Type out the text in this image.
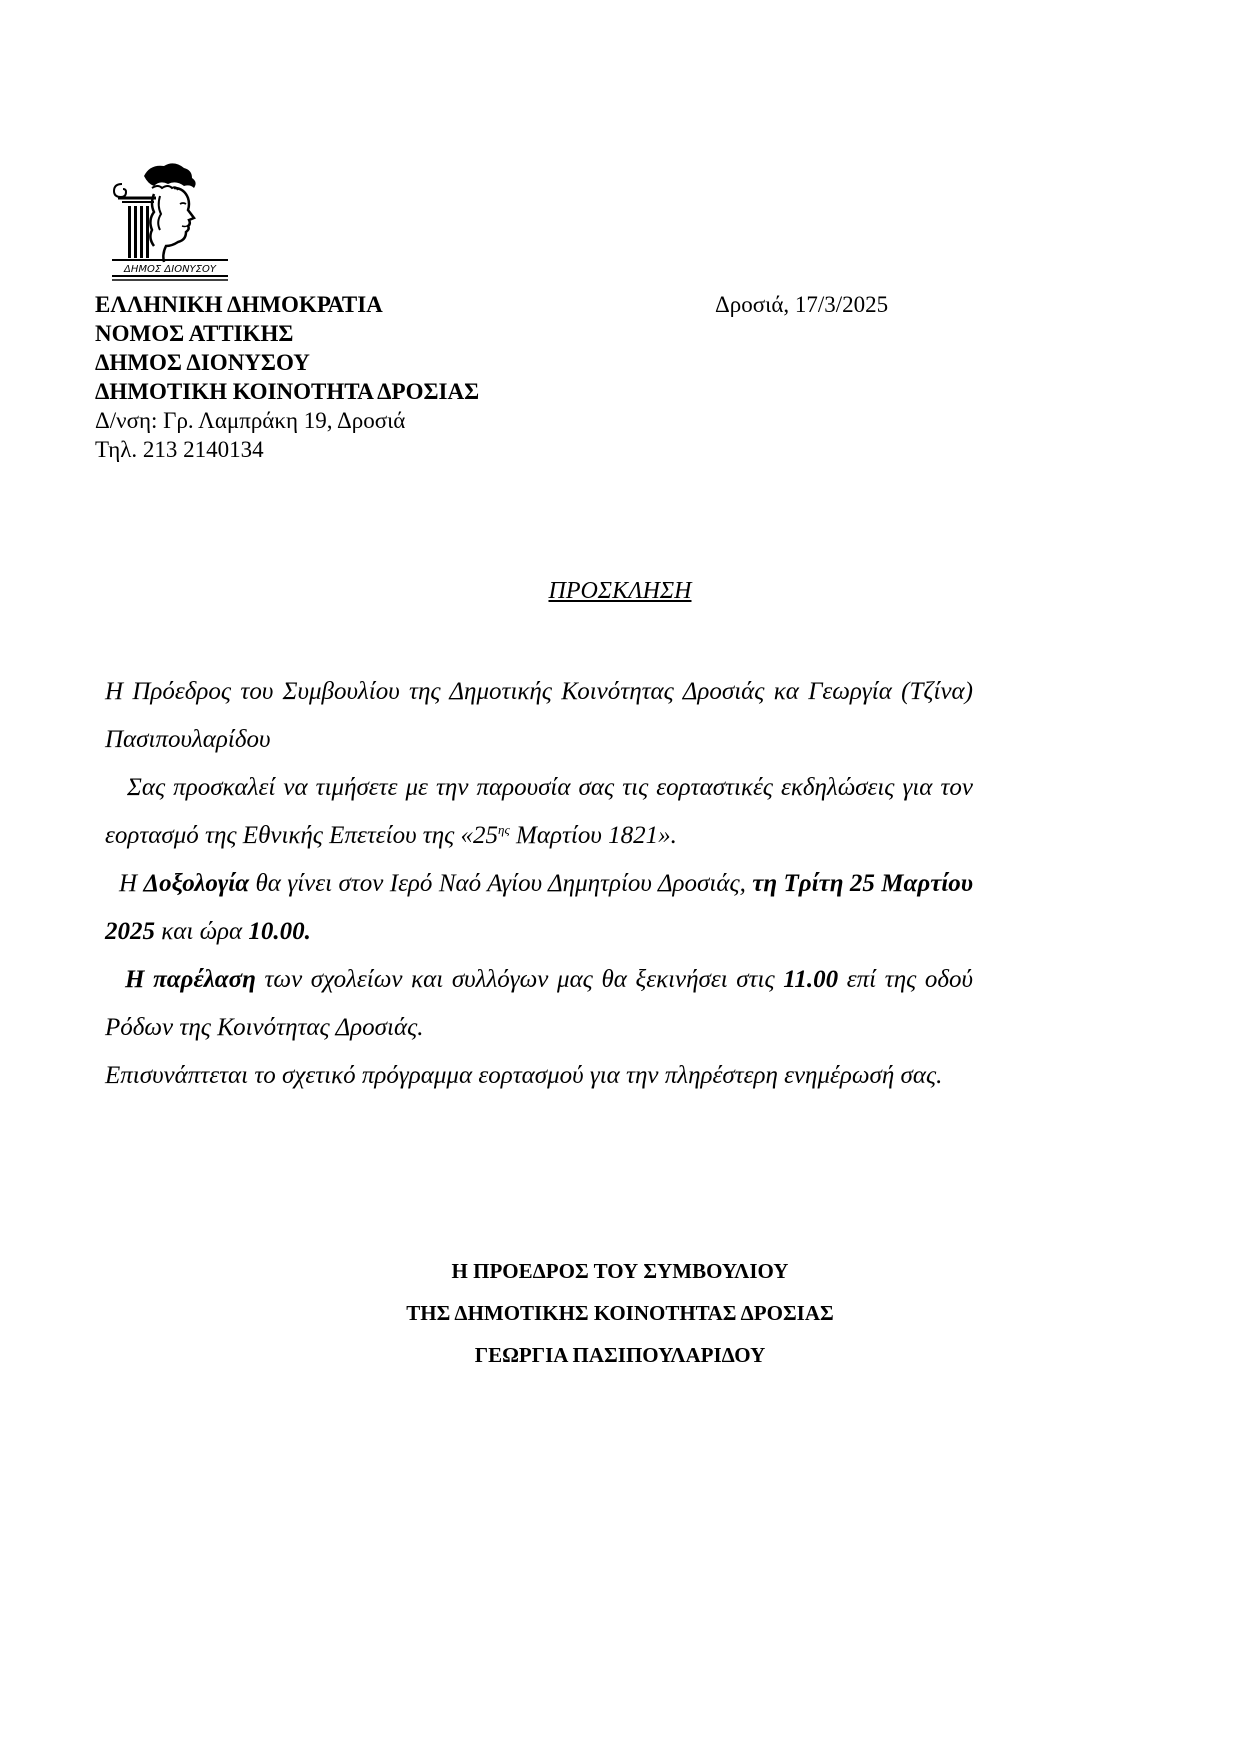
ΔΗΜΟΣ ΔΙΟΝΥΣΟΥ
ΕΛΛΗΝΙΚΗ ΔΗΜΟΚΡΑΤΙΑ
ΝΟΜΟΣ ΑΤΤΙΚΗΣ
ΔΗΜΟΣ ΔΙΟΝΥΣΟΥ
ΔΗΜΟΤΙΚΗ ΚΟΙΝΟΤΗΤΑ ΔΡΟΣΙΑΣ
Δ/νση: Γρ. Λαμπράκη 19, Δροσιά
Τηλ. 213 2140134
Δροσιά, 17/3/2025
ΠΡΟΣΚΛΗΣΗ

Η Πρόεδρος του Συμβουλίου της Δημοτικής Κοινότητας Δροσιάς κα Γεωργία (Τζίνα) Πασιπουλαρίδου

Σας προσκαλεί να τιμήσετε με την παρουσία σας τις εορταστικές εκδηλώσεις για τον εορτασμό της Εθνικής Επετείου της «$25^{\eta\varsigma}$ Μαρτίου 1821».

Η Δοξολογία θα γίνει στον Ιερό Ναό Αγίου Δημητρίου Δροσιάς, τη Τρίτη 25 Μαρτίου 2025 και ώρα 10.00.

Η παρέλαση των σχολείων και συλλόγων μας θα ξεκινήσει στις 11.00 επί της οδού Ρόδων της Κοινότητας Δροσιάς.

Επισυνάπτεται το σχετικό πρόγραμμα εορτασμού για την πληρέστερη ενημέρωσή σας.

Η ΠΡΟΕΔΡΟΣ ΤΟΥ ΣΥΜΒΟΥΛΙΟΥ
ΤΗΣ ΔΗΜΟΤΙΚΗΣ ΚΟΙΝΟΤΗΤΑΣ ΔΡΟΣΙΑΣ
ΓΕΩΡΓΙΑ ΠΑΣΙΠΟΥΛΑΡΙΔΟΥ
